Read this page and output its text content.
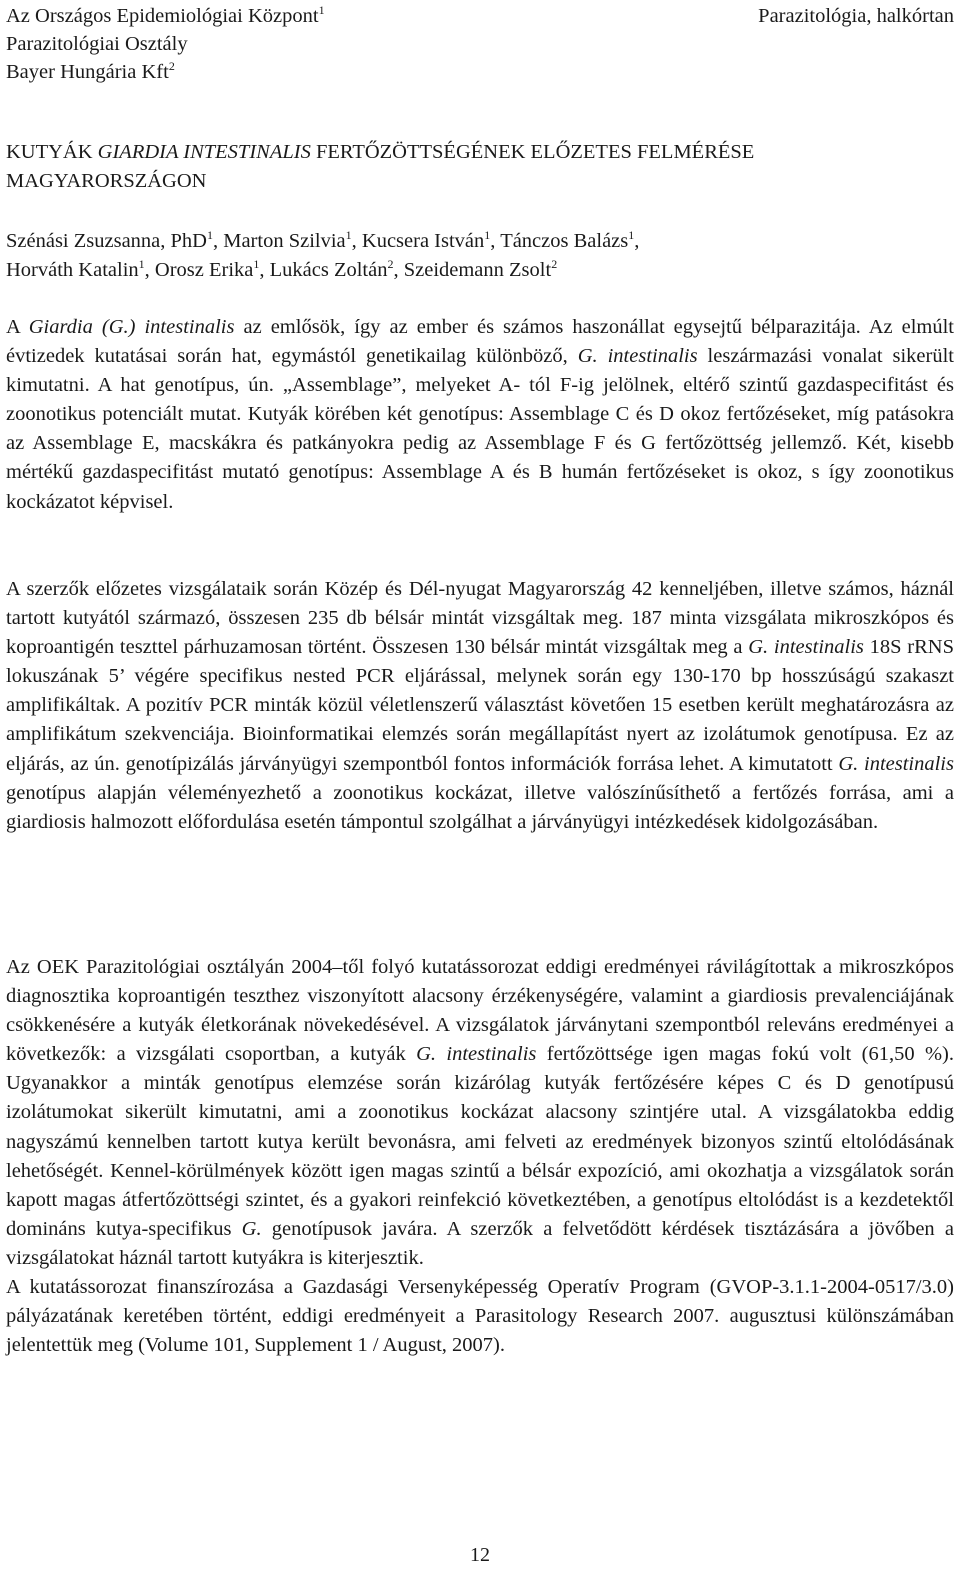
Az Országos Epidemiológiai Központ$^1$
Parazitológiai Osztály
Bayer Hungária Kft$^2$
Parazitológia, halkórtan
KUTYÁK GIARDIA INTESTINALIS FERTŐZÖTTSÉGÉNEK ELŐZETES FELMÉRÉSE
MAGYARORSZÁGON
Szénási Zsuzsanna, PhD$^1$, Marton Szilvia$^1$, Kucsera István$^1$, Tánczos Balázs$^1$,
Horváth Katalin$^1$, Orosz Erika$^1$, Lukács Zoltán$^2$, Szeidemann Zsolt$^2$

A Giardia (G.) intestinalis az emlősök, így az ember és számos haszonállat egysejtű bélparazitája. Az elmúlt évtizedek kutatásai során hat, egymástól genetikailag különböző, G. intestinalis leszármazási vonalat sikerült kimutatni. A hat genotípus, ún. „Assemblage”, melyeket A- tól F-ig jelölnek, eltérő szintű gazdaspecifitást és zoonotikus potenciált mutat. Kutyák körében két genotípus: Assemblage C és D okoz fertőzéseket, míg patásokra az Assemblage E, macskákra és patkányokra pedig az Assemblage F és G fertőzöttség jellemző. Két, kisebb mértékű gazdaspecifitást mutató genotípus: Assemblage A és B humán fertőzéseket is okoz, s így zoonotikus kockázatot képvisel.

A szerzők előzetes vizsgálataik során Közép és Dél-nyugat Magyarország 42 kenneljében, illetve számos, háznál tartott kutyától származó, összesen 235 db bélsár mintát vizsgáltak meg. 187 minta vizsgálata mikroszkópos és koproantigén teszttel párhuzamosan történt. Összesen 130 bélsár mintát vizsgáltak meg a G. intestinalis 18S rRNS lokuszának 5’ végére specifikus nested PCR eljárással, melynek során egy 130-170 bp hosszúságú szakaszt amplifikáltak. A pozitív PCR minták közül véletlenszerű választást követően 15 esetben került meghatározásra az amplifikátum szekvenciája. Bioinformatikai elemzés során megállapítást nyert az izolátumok genotípusa. Ez az eljárás, az ún. genotípizálás járványügyi szempontból fontos információk forrása lehet. A kimutatott G. intestinalis genotípus alapján véleményezhető a zoonotikus kockázat, illetve valószínűsíthető a fertőzés forrása, ami a giardiosis halmozott előfordulása esetén támpontul szolgálhat a járványügyi intézkedések kidolgozásában.

Az OEK Parazitológiai osztályán 2004–től folyó kutatássorozat eddigi eredményei rávilágítottak a mikroszkópos diagnosztika koproantigén teszthez viszonyított alacsony érzékenységére, valamint a giardiosis prevalenciájának csökkenésére a kutyák életkorának növekedésével. A vizsgálatok járványtani szempontból releváns eredményei a következők: a vizsgálati csoportban, a kutyák G. intestinalis fertőzöttsége igen magas fokú volt (61,50 %). Ugyanakkor a minták genotípus elemzése során kizárólag kutyák fertőzésére képes C és D genotípusú izolátumokat sikerült kimutatni, ami a zoonotikus kockázat alacsony szintjére utal. A vizsgálatokba eddig nagyszámú kennelben tartott kutya került bevonásra, ami felveti az eredmények bizonyos szintű eltolódásának lehetőségét. Kennel-körülmények között igen magas szintű a bélsár expozíció, ami okozhatja a vizsgálatok során kapott magas átfertőzöttségi szintet, és a gyakori reinfekció következtében, a genotípus eltolódást is a kezdetektől domináns kutya-specifikus G. genotípusok javára. A szerzők a felvetődött kérdések tisztázására a jövőben a vizsgálatokat háznál tartott kutyákra is kiterjesztik.

A kutatássorozat finanszírozása a Gazdasági Versenyképesség Operatív Program (GVOP-3.1.1-2004-0517/3.0) pályázatának keretében történt, eddigi eredményeit a Parasitology Research 2007. augusztusi különszámában jelentettük meg (Volume 101, Supplement 1 / August, 2007).

12
